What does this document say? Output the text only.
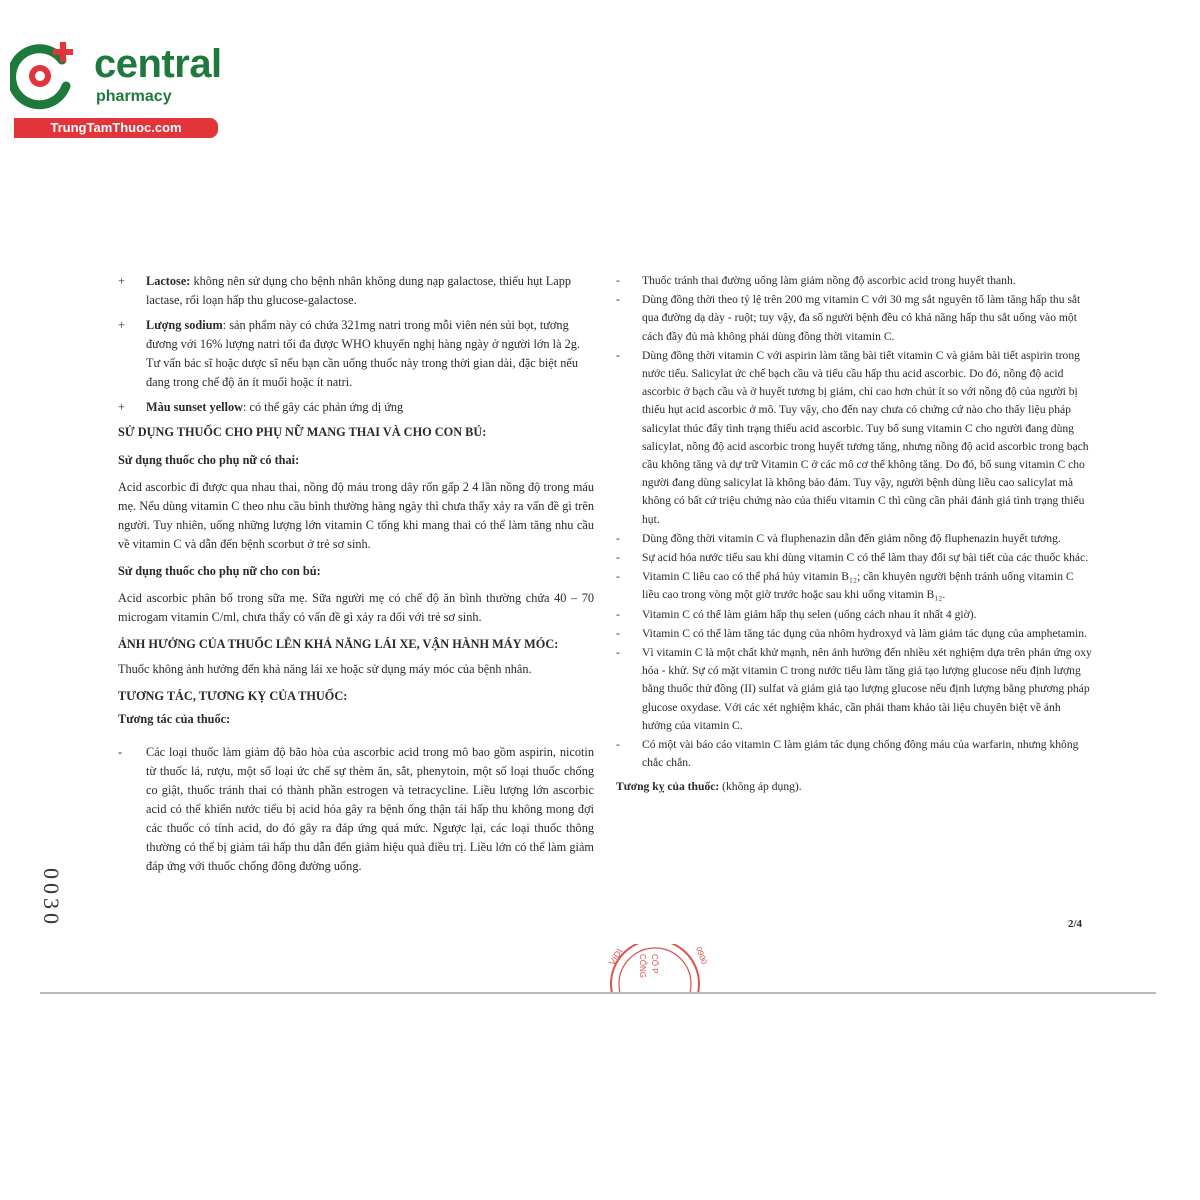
central
pharmacy
TrungTamThuoc.com
+ Lactose: không nên sử dụng cho bệnh nhân không dung nạp galactose, thiếu hụt Lapp lactase, rối loạn hấp thu glucose-galactose.
+ Lượng sodium: sản phẩm này có chứa 321mg natri trong mỗi viên nén sủi bọt, tương đương với 16% lượng natri tối đa được WHO khuyến nghị hàng ngày ở người lớn là 2g. Tư vấn bác sĩ hoặc dược sĩ nếu bạn cần uống thuốc này trong thời gian dài, đặc biệt nếu đang trong chế độ ăn ít muối hoặc ít natri.
+ Màu sunset yellow: có thể gây các phản ứng dị ứng
SỬ DỤNG THUỐC CHO PHỤ NỮ MANG THAI VÀ CHO CON BÚ:
Sử dụng thuốc cho phụ nữ có thai:
Acid ascorbic đi được qua nhau thai, nồng độ máu trong dây rốn gấp 2 4 lần nồng độ trong máu mẹ. Nếu dùng vitamin C theo nhu cầu bình thường hàng ngày thì chưa thấy xảy ra vấn đề gì trên người. Tuy nhiên, uống những lượng lớn vitamin C tống khi mang thai có thể làm tăng nhu cầu về vitamin C và dẫn đến bệnh scorbut ở trẻ sơ sinh.
Sử dụng thuốc cho phụ nữ cho con bú:
Acid ascorbic phân bố trong sữa mẹ. Sữa người mẹ có chế độ ăn bình thường chứa 40 – 70 microgam vitamin C/ml, chưa thấy có vấn đề gì xảy ra đối với trẻ sơ sinh.
ẢNH HƯỞNG CỦA THUỐC LÊN KHẢ NĂNG LÁI XE, VẬN HÀNH MÁY MÓC:
Thuốc không ảnh hưởng đến khả năng lái xe hoặc sử dụng máy móc của bệnh nhân.
TƯƠNG TÁC, TƯƠNG KỴ CỦA THUỐC:
Tương tác của thuốc:
- Các loại thuốc làm giảm độ bão hòa của ascorbic acid trong mô bao gồm aspirin, nicotin từ thuốc lá, rượu, một số loại ức chế sự thèm ăn, sắt, phenytoin, một số loại thuốc chống co giật, thuốc tránh thai có thành phần estrogen và tetracycline. Liều lượng lớn ascorbic acid có thể khiến nước tiểu bị acid hóa gây ra bệnh ống thận tái hấp thu không mong đợi các thuốc có tính acid, do đó gây ra đáp ứng quá mức. Ngược lại, các loại thuốc thông thường có thể bị giảm tái hấp thu dẫn đến giảm hiệu quả điều trị. Liều lớn có thể làm giảm đáp ứng với thuốc chống đông đường uống.
- Thuốc tránh thai đường uống làm giảm nồng độ ascorbic acid trong huyết thanh.
- Dùng đồng thời theo tỷ lệ trên 200 mg vitamin C với 30 mg sắt nguyên tố làm tăng hấp thu sắt qua đường dạ dày - ruột; tuy vậy, đa số người bệnh đều có khả năng hấp thu sắt uống vào một cách đầy đủ mà không phải dùng đồng thời vitamin C.
- Dùng đồng thời vitamin C với aspirin làm tăng bài tiết vitamin C và giảm bài tiết aspirin trong nước tiểu. Salicylat ức chế bạch cầu và tiểu cầu hấp thu acid ascorbic. Do đó, nồng độ acid ascorbic ở bạch cầu và ở huyết tương bị giảm, chỉ cao hơn chút ít so với nồng độ của người bị thiếu hụt acid ascorbic ở mô. Tuy vậy, cho đến nay chưa có chứng cứ nào cho thấy liệu pháp salicylat thúc đẩy tình trạng thiếu acid ascorbic. Tuy bổ sung vitamin C cho người đang dùng salicylat, nồng độ acid ascorbic trong huyết tương tăng, nhưng nồng độ acid ascorbic trong bạch cầu không tăng và dự trữ Vitamin C ở các mô cơ thể không tăng. Do đó, bổ sung vitamin C cho người đang dùng salicylat là không bảo đảm. Tuy vậy, người bệnh dùng liều cao salicylat mà không có bất cứ triệu chứng nào của thiếu vitamin C thì cũng cần phải đánh giá tình trạng thiếu hụt.
- Dùng đồng thời vitamin C và fluphenazin dẫn đến giảm nồng độ fluphenazin huyết tương.
- Sự acid hóa nước tiểu sau khi dùng vitamin C có thể làm thay đổi sự bài tiết của các thuốc khác.
- Vitamin C liều cao có thể phá hủy vitamin B₁₂; cần khuyên người bệnh tránh uống vitamin C liều cao trong vòng một giờ trước hoặc sau khi uống vitamin B₁₂.
- Vitamin C có thể làm giảm hấp thụ selen (uống cách nhau ít nhất 4 giờ).
- Vitamin C có thể làm tăng tác dụng của nhôm hydroxyd và làm giảm tác dụng của amphetamin.
- Vì vitamin C là một chất khử mạnh, nên ảnh hưởng đến nhiều xét nghiệm dựa trên phản ứng oxy hóa - khử. Sự có mặt vitamin C trong nước tiểu làm tăng giả tạo lượng glucose nếu định lượng bằng thuốc thử đồng (II) sulfat và giảm giả tạo lượng glucose nếu định lượng bằng phương pháp glucose oxydase. Với các xét nghiệm khác, cần phải tham khảo tài liệu chuyên biệt về ảnh hưởng của vitamin C.
- Có một vài báo cáo vitamin C làm giảm tác dụng chống đông máu của warfarin, nhưng không chắc chắn.
Tương kỵ của thuốc: (không áp dụng).
0030	2/4
VIDI CÔNG CỔ P	0900
